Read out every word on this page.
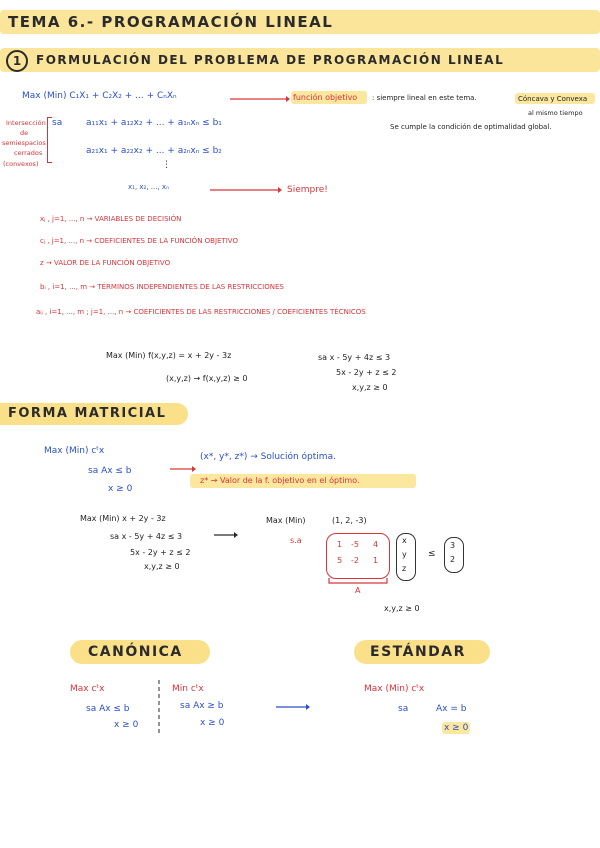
TEMA 6.- PROGRAMACIÓN LINEAL
1	FORMULACIÓN DEL PROBLEMA DE PROGRAMACIÓN LINEAL
Max (Min) C₁X₁ + C₂X₂ + ... + CₙXₙ	función objetivo : siempre lineal en este tema.	Cóncava y Convexa
al mismo tiempo
Se cumple la condición de optimalidad global.
Intersección
de
semiespacios
cerrados
(convexos)
sa	a₁₁x₁ + a₁₂x₂ + ... + a₁ₙxₙ ≤ b₁
a₂₁x₁ + a₂₂x₂ + ... + a₂ₙxₙ ≤ b₂
⋮
x₁, x₂, ..., xₙ	Siempre!
xⱼ , j=1, ..., n → VARIABLES DE DECISIÓN
cⱼ , j=1, ..., n → COEFICIENTES DE LA FUNCIÓN OBJETIVO
z → VALOR DE LA FUNCIÓN OBJETIVO
bᵢ , i=1, ..., m → TÉRMINOS INDEPENDIENTES DE LAS RESTRICCIONES
aᵢⱼ , i=1, ..., m ; j=1, ..., n → COEFICIENTES DE LAS RESTRICCIONES / COEFICIENTES TÉCNICOS
Max (Min) f(x,y,z) = x + 2y - 3z
(x,y,z) → f(x,y,z) ≥ 0
sa x - 5y + 4z ≤ 3
5x - 2y + z ≤ 2
x,y,z ≥ 0
FORMA MATRICIAL
Max (Min) cᵗx
sa Ax ≤ b
x ≥ 0
(x*, y*, z*) → Solución óptima.
z* → Valor de la f. objetivo en el óptimo.
Max (Min) x + 2y - 3z
sa x - 5y + 4z ≤ 3
5x - 2y + z ≤ 2
x,y,z ≥ 0
Max (Min)	(1, 2, -3)
s.a	1 -5 4
5 -2 1
x
y
z
≤
3
2
A
x,y,z ≥ 0
CANÓNICA	ESTÁNDAR
Max cᵗx
sa Ax ≤ b
x ≥ 0
Min cᵗx
sa Ax ≥ b
x ≥ 0
Max (Min) cᵗx
sa	Ax = b
x ≥ 0
